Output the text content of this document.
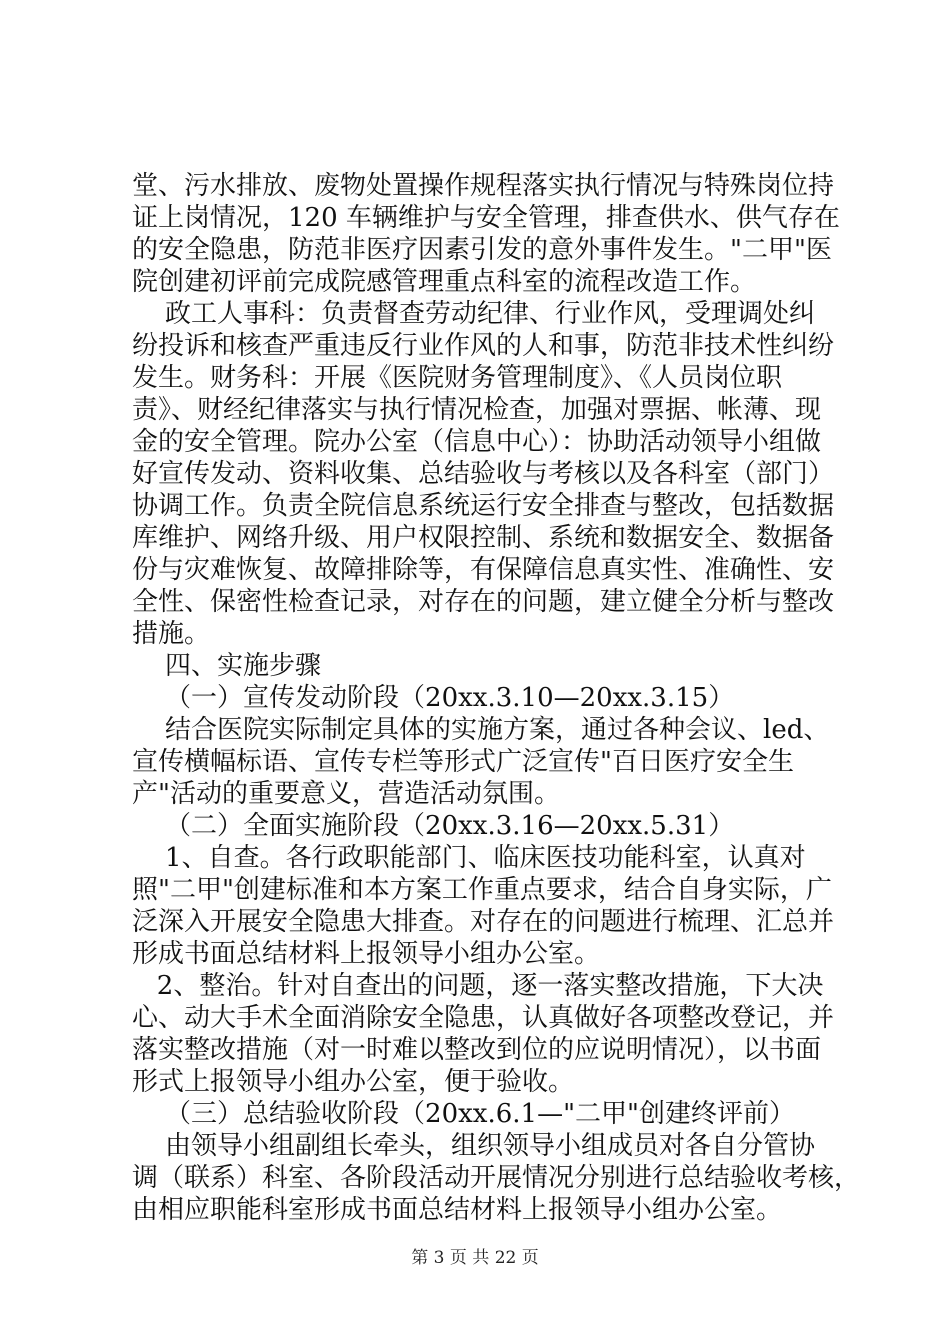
堂、污水排放、废物处置操作规程落实执行情况与特殊岗位持
证上岗情况，120 车辆维护与安全管理，排查供水、供气存在
的安全隐患，防范非医疗因素引发的意外事件发生。"二甲"医
院创建初评前完成院感管理重点科室的流程改造工作。
政工人事科：负责督查劳动纪律、行业作风，受理调处纠
纷投诉和核查严重违反行业作风的人和事，防范非技术性纠纷
发生。财务科：开展《医院财务管理制度》、《人员岗位职
责》、财经纪律落实与执行情况检查，加强对票据、帐薄、现
金的安全管理。院办公室（信息中心）：协助活动领导小组做
好宣传发动、资料收集、总结验收与考核以及各科室（部门）
协调工作。负责全院信息系统运行安全排查与整改，包括数据
库维护、网络升级、用户权限控制、系统和数据安全、数据备
份与灾难恢复、故障排除等，有保障信息真实性、准确性、安
全性、保密性检查记录，对存在的问题，建立健全分析与整改
措施。
四、实施步骤
（一）宣传发动阶段（20xx.3.10—20xx.3.15）
结合医院实际制定具体的实施方案，通过各种会议、led、
宣传横幅标语、宣传专栏等形式广泛宣传"百日医疗安全生
产"活动的重要意义，营造活动氛围。
（二）全面实施阶段（20xx.3.16—20xx.5.31）
1、自查。各行政职能部门、临床医技功能科室，认真对
照"二甲"创建标准和本方案工作重点要求，结合自身实际，广
泛深入开展安全隐患大排查。对存在的问题进行梳理、汇总并
形成书面总结材料上报领导小组办公室。
2、整治。针对自查出的问题，逐一落实整改措施，下大决
心、动大手术全面消除安全隐患，认真做好各项整改登记，并
落实整改措施（对一时难以整改到位的应说明情况），以书面
形式上报领导小组办公室，便于验收。
（三）总结验收阶段（20xx.6.1—"二甲"创建终评前）
由领导小组副组长牵头，组织领导小组成员对各自分管协
调（联系）科室、各阶段活动开展情况分别进行总结验收考核，
由相应职能科室形成书面总结材料上报领导小组办公室。
第 3 页 共 22 页
